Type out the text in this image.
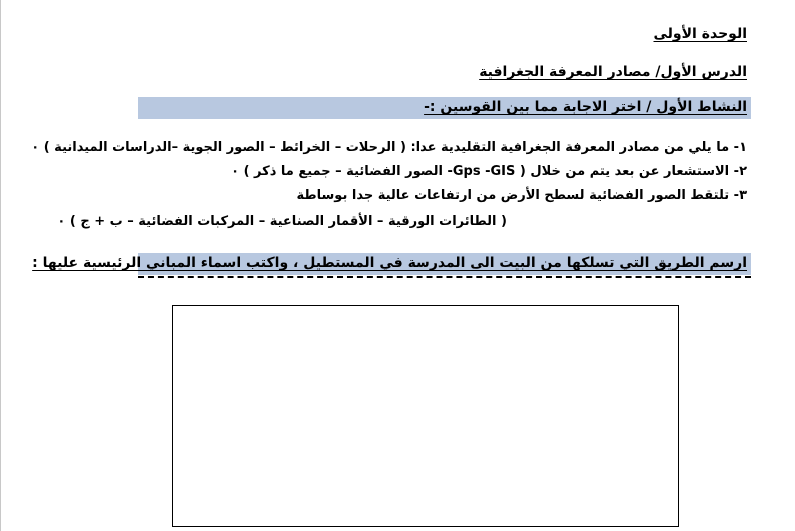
الوحدة الأولى
الدرس الأول/ مصادر المعرفة الجغرافية
النشاط الأول / اختر الاجابة مما بين القوسين :-
١- ما يلي من مصادر المعرفة الجغرافية التقليدية عدا: ( الرحلات – الخرائط – الصور الجوية –الدراسات الميدانية ) ٠
٢- الاستشعار عن بعد يتم من خلال ( Gps -GIS- الصور الفضائية – جميع ما ذكر ) ٠
٣- تلتقط الصور الفضائية لسطح الأرض من ارتفاعات عالية جدا بوساطة
( الطائرات الورقية – الأقمار الصناعية – المركبات الفضائية – ب + ج ) ٠
ارسم الطريق التي تسلكها من البيت الى المدرسة في المستطيل ، واكتب اسماء المباني الرئيسية عليها :
